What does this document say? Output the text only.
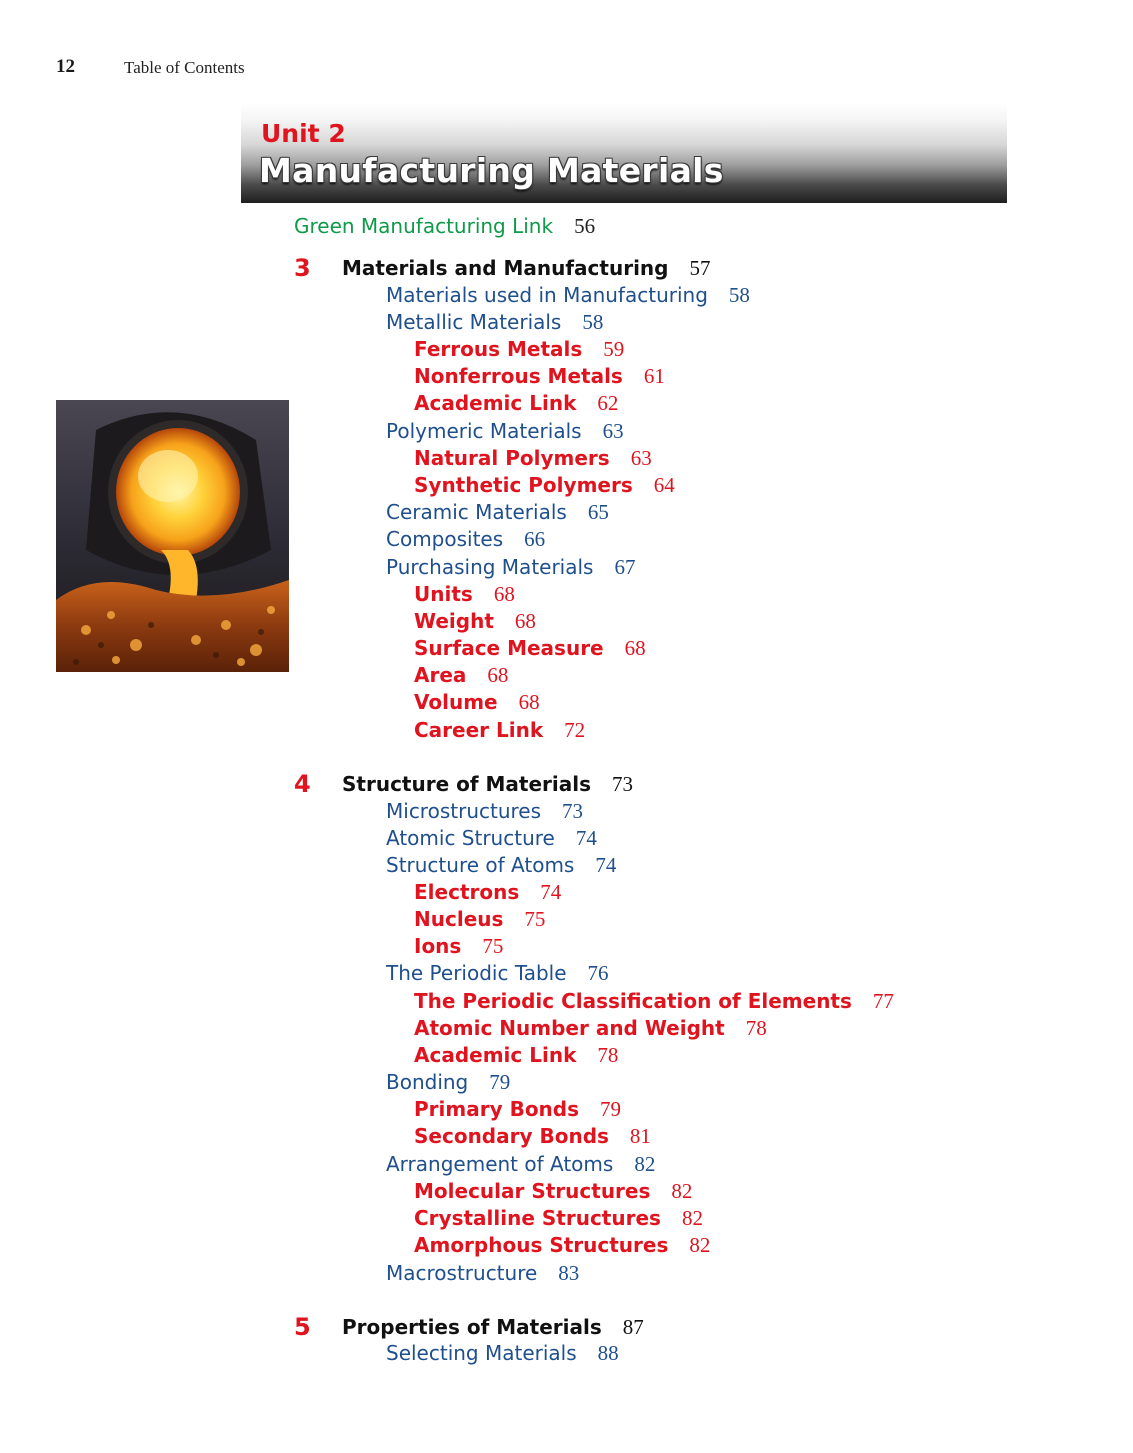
12	Table of Contents
Unit 2
Manufacturing Materials
Green Manufacturing Link 56
3 Materials and Manufacturing 57
Materials used in Manufacturing 58
Metallic Materials 58
Ferrous Metals 59
Nonferrous Metals 61
Academic Link 62
Polymeric Materials 63
Natural Polymers 63
Synthetic Polymers 64
Ceramic Materials 65
Composites 66
Purchasing Materials 67
Units 68
Weight 68
Surface Measure 68
Area 68
Volume 68
Career Link 72
4 Structure of Materials 73
Microstructures 73
Atomic Structure 74
Structure of Atoms 74
Electrons 74
Nucleus 75
Ions 75
The Periodic Table 76
The Periodic Classification of Elements 77
Atomic Number and Weight 78
Academic Link 78
Bonding 79
Primary Bonds 79
Secondary Bonds 81
Arrangement of Atoms 82
Molecular Structures 82
Crystalline Structures 82
Amorphous Structures 82
Macrostructure 83
5 Properties of Materials 87
Selecting Materials 88
